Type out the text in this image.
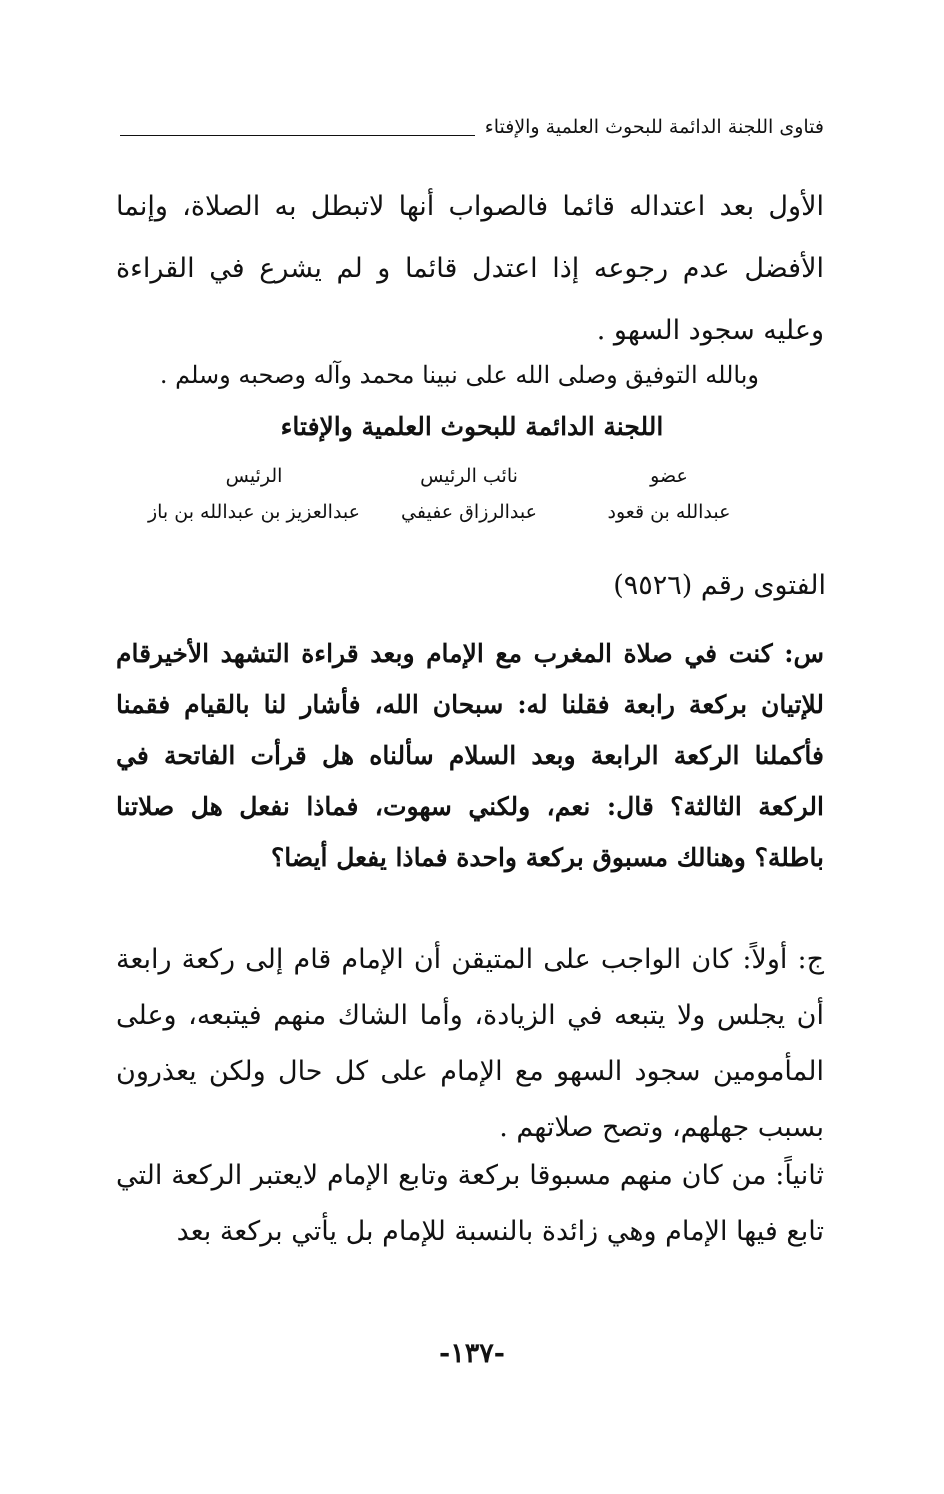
فتاوى اللجنة الدائمة للبحوث العلمية والإفتاء

الأول بعد اعتداله قائما فالصواب أنها لاتبطل به الصلاة، وإنما الأفضل عدم رجوعه إذا اعتدل قائما و لم يشرع في القراءة وعليه سجود السهو .

وبالله التوفيق وصلى الله على نبينا محمد وآله وصحبه وسلم .
اللجنة الدائمة للبحوث العلمية والإفتاء
عضو
عبدالله بن قعود
نائب الرئيس
عبدالرزاق عفيفي
الرئيس
عبدالعزيز بن عبدالله بن باز
الفتوى رقم (٩٥٢٦)

س: كنت في صلاة المغرب مع الإمام وبعد قراءة التشهد الأخيرقام للإتيان بركعة رابعة فقلنا له: سبحان الله، فأشار لنا بالقيام فقمنا فأكملنا الركعة الرابعة وبعد السلام سألناه هل قرأت الفاتحة في الركعة الثالثة؟ قال: نعم، ولكني سهوت، فماذا نفعل هل صلاتنا باطلة؟ وهنالك مسبوق بركعة واحدة فماذا يفعل أيضا؟

ج: أولاً: كان الواجب على المتيقن أن الإمام قام إلى ركعة رابعة أن يجلس ولا يتبعه في الزيادة، وأما الشاك منهم فيتبعه، وعلى المأمومين سجود السهو مع الإمام على كل حال ولكن يعذرون بسبب جهلهم، وتصح صلاتهم .

ثانياً: من كان منهم مسبوقا بركعة وتابع الإمام لايعتبر الركعة التي تابع فيها الإمام وهي زائدة بالنسبة للإمام بل يأتي بركعة بعد

-١٣٧-
